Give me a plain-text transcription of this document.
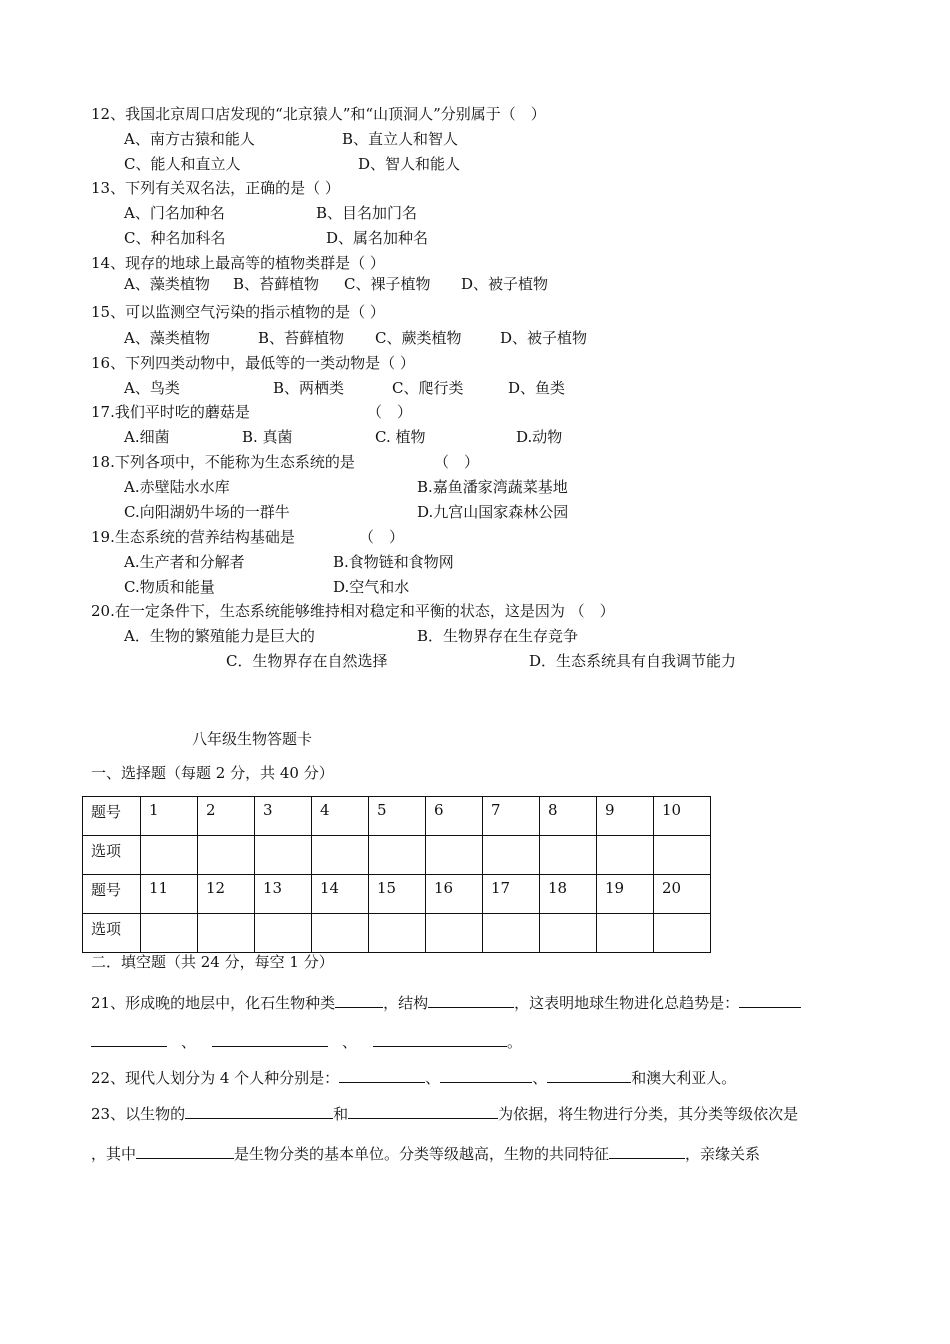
12、我国北京周口店发现的“北京猿人”和“山顶洞人”分别属于（　）
A、南方古猿和能人	B、直立人和智人
C、能人和直立人	D、智人和能人
13、下列有关双名法，正确的是（ ）
A、门名加种名	B、目名加门名
C、种名加科名	D、属名加种名
14、现存的地球上最高等的植物类群是（ ）
A、藻类植物 B、苔藓植物 C、裸子植物 D、被子植物
15、可以监测空气污染的指示植物的是（ ）
A、藻类植物	B、苔藓植物 C、蕨类植物	D、被子植物
16、下列四类动物中，最低等的一类动物是（ ）
A、鸟类	B、两栖类	C、爬行类	D、鱼类
17.我们平时吃的蘑菇是	（　）
A.细菌	B. 真菌	C. 植物	D.动物
18.下列各项中，不能称为生态系统的是	（　）
A.赤壁陆水水库	B.嘉鱼潘家湾蔬菜基地
C.向阳湖奶牛场的一群牛	D.九宫山国家森林公园
19.生态系统的营养结构基础是	（　）
A.生产者和分解者	B.食物链和食物网
C.物质和能量	D.空气和水
20.在一定条件下，生态系统能够维持相对稳定和平衡的状态，这是因为 （　）
A．生物的繁殖能力是巨大的	B．生物界存在生存竞争
C．生物界存在自然选择	D．生态系统具有自我调节能力
八年级生物答题卡
一、选择题（每题 2 分，共 40 分）
题号	1	2	3	4	5	6	7	8	9	10
选项										
题号	11	12	13	14	15	16	17	18	19	20
选项										
二．填空题（共 24 分，每空 1 分）
21、形成晚的地层中，化石生物种类	，结构	，这表明地球生物进化总趋势是：
、	、	。
22、现代人划分为 4 个人种分别是：	、	、	和澳大利亚人。
23、以生物的	和	为依据，将生物进行分类，其分类等级依次是
，其中	是生物分类的基本单位。分类等级越高，生物的共同特征	，亲缘关系
